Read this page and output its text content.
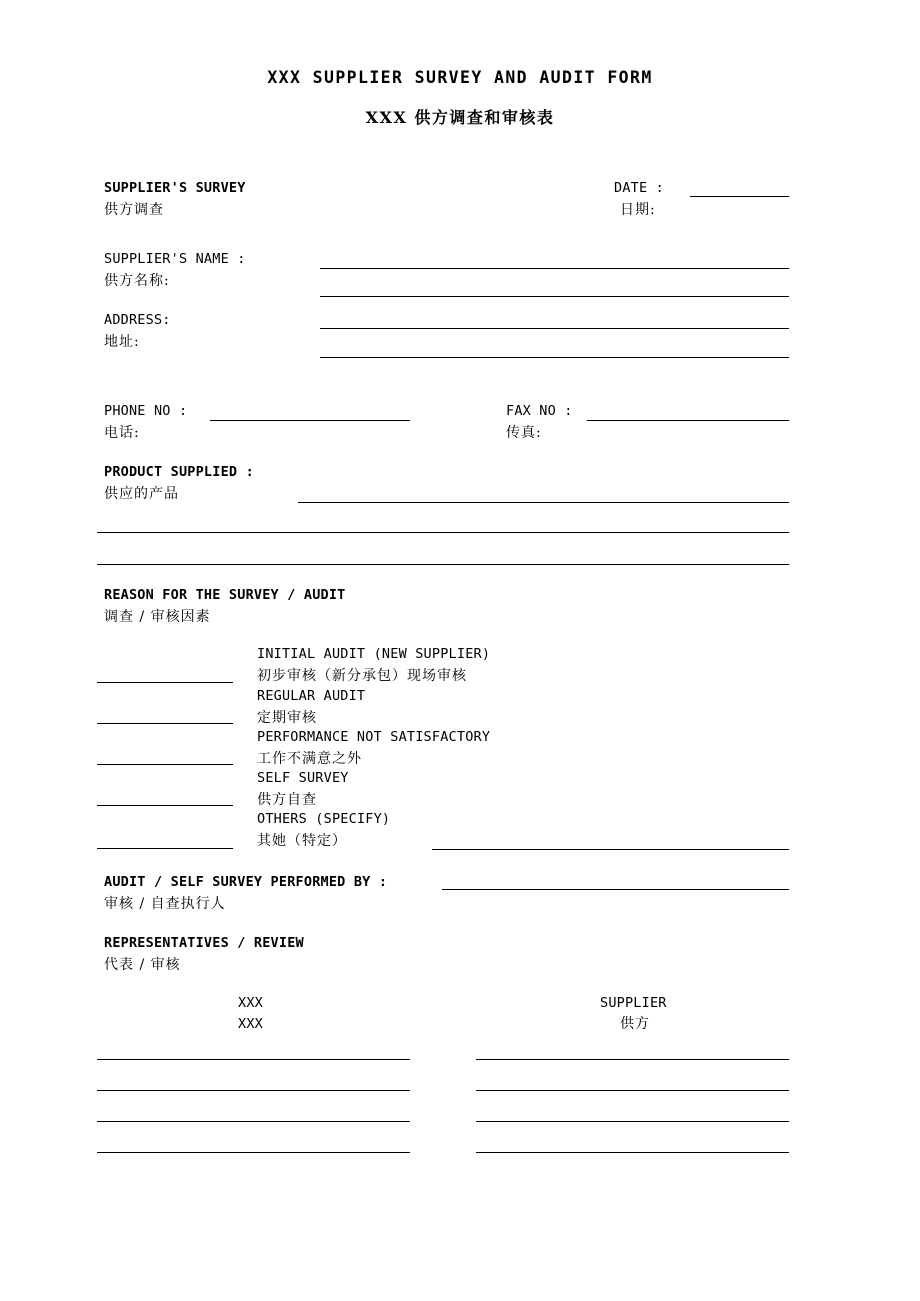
XXX SUPPLIER SURVEY AND AUDIT FORM
XXX 供方调查和审核表
SUPPLIER'S SURVEY
供方调查
DATE :
日期:
SUPPLIER'S NAME :
供方名称:
ADDRESS:
地址:
PHONE NO :
电话:
FAX NO :
传真:
PRODUCT SUPPLIED :
供应的产品
REASON FOR THE SURVEY / AUDIT
调查 / 审核因素
INITIAL AUDIT (NEW SUPPLIER)
初步审核（新分承包）现场审核
REGULAR AUDIT
定期审核
PERFORMANCE NOT SATISFACTORY
工作不满意之外
SELF SURVEY
供方自查
OTHERS (SPECIFY)
其她（特定）
AUDIT / SELF SURVEY PERFORMED BY :
审核 / 自查执行人
REPRESENTATIVES / REVIEW
代表 / 审核
XXX
XXX
SUPPLIER
供方
